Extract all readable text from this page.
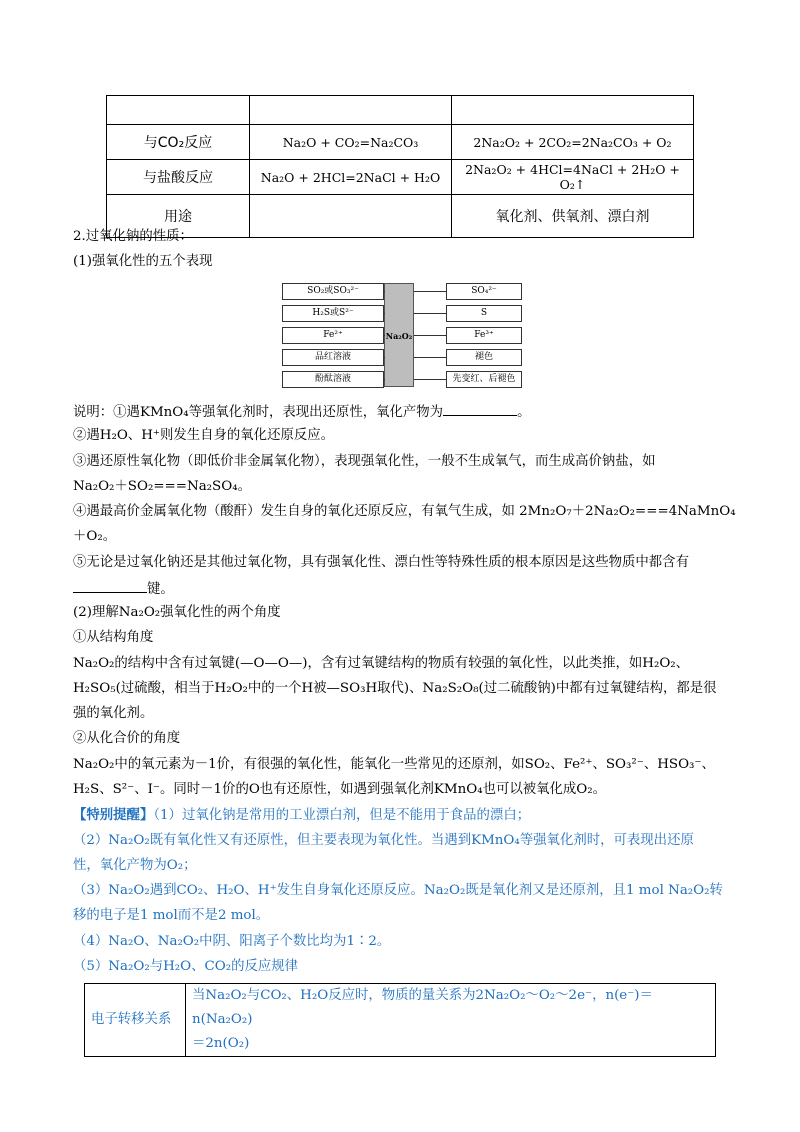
与CO₂反应	Na₂O + CO₂=Na₂CO₃	2Na₂O₂ + 2CO₂=2Na₂CO₃ + O₂
与盐酸反应	Na₂O + 2HCl=2NaCl + H₂O	2Na₂O₂ + 4HCl=4NaCl + 2H₂O + O₂↑
用途		氧化剂、供氧剂、漂白剂
2.过氧化钠的性质：
(1)强氧化性的五个表现
SO₂或SO₃²⁻
H₂S或S²⁻
Fe²⁺
品红溶液
酚酞溶液
Na₂O₂
SO₄²⁻
S
Fe³⁺
褪色
先变红、后褪色
说明：①遇KMnO₄等强氧化剂时，表现出还原性，氧化产物为	。
②遇H₂O、H⁺则发生自身的氧化还原反应。
③遇还原性氧化物（即低价非金属氧化物），表现强氧化性，一般不生成氧气，而生成高价钠盐，如
Na₂O₂＋SO₂===Na₂SO₄。
④遇最高价金属氧化物（酸酐）发生自身的氧化还原反应，有氧气生成，如 2Mn₂O₇＋2Na₂O₂===4NaMnO₄
＋O₂。
⑤无论是过氧化钠还是其他过氧化物，具有强氧化性、漂白性等特殊性质的根本原因是这些物质中都含有
键。
(2)理解Na₂O₂强氧化性的两个角度
①从结构角度
Na₂O₂的结构中含有过氧键(—O—O—)，含有过氧键结构的物质有较强的氧化性，以此类推，如H₂O₂、
H₂SO₅(过硫酸，相当于H₂O₂中的一个H被—SO₃H取代)、Na₂S₂O₈(过二硫酸钠)中都有过氧键结构，都是很
强的氧化剂。
②从化合价的角度
Na₂O₂中的氧元素为－1价，有很强的氧化性，能氧化一些常见的还原剂，如SO₂、Fe²⁺、SO₃²⁻、HSO₃⁻、
H₂S、S²⁻、I⁻。同时－1价的O也有还原性，如遇到强氧化剂KMnO₄也可以被氧化成O₂。
【特别提醒】（1）过氧化钠是常用的工业漂白剂，但是不能用于食品的漂白；
（2）Na₂O₂既有氧化性又有还原性，但主要表现为氧化性。当遇到KMnO₄等强氧化剂时，可表现出还原
性，氧化产物为O₂；
（3）Na₂O₂遇到CO₂、H₂O、H⁺发生自身氧化还原反应。Na₂O₂既是氧化剂又是还原剂，且1 mol Na₂O₂转
移的电子是1 mol而不是2 mol。
（4）Na₂O、Na₂O₂中阴、阳离子个数比均为1∶2。
（5）Na₂O₂与H₂O、CO₂的反应规律
电子转移关系	
当Na₂O₂与CO₂、H₂O反应时，物质的量关系为2Na₂O₂～O₂～2e⁻，n(e⁻)＝n(Na₂O₂)
＝2n(O₂)
